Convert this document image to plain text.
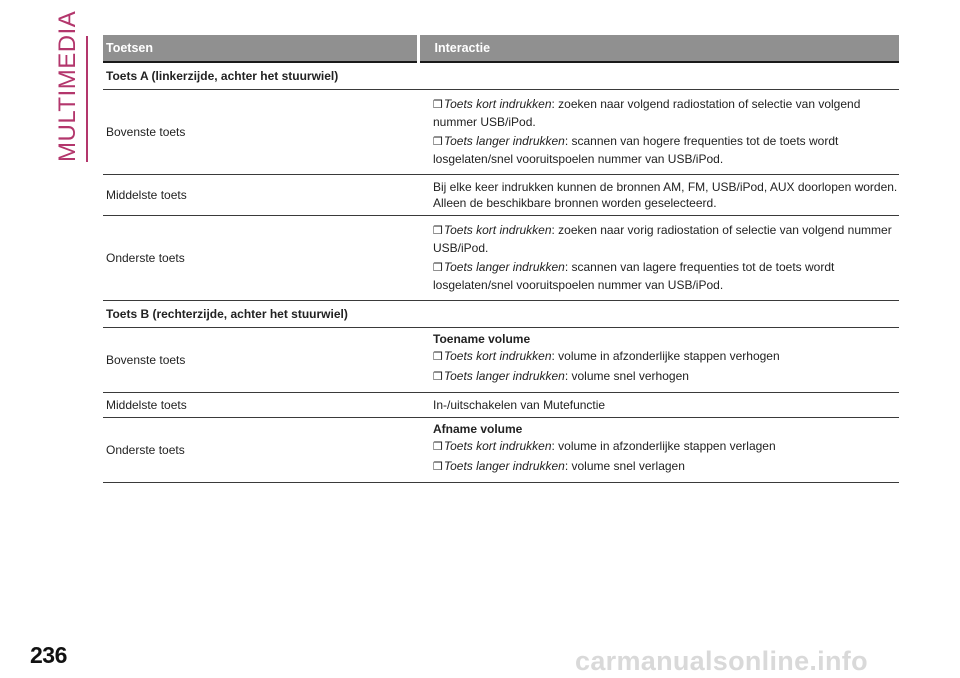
MULTIMEDIA Toetsen	Interactie
Toets A (linkerzijde, achter het stuurwiel)	
Bovenste toets	❒Toets kort indrukken: zoeken naar volgend radiostation of selectie van volgend nummer USB/iPod.
❒Toets langer indrukken: scannen van hogere frequenties tot de toets wordt losgelaten/snel vooruitspoelen nummer van USB/iPod.

Middelste toets	Bij elke keer indrukken kunnen de bronnen AM, FM, USB/iPod, AUX doorlopen worden. Alleen de beschikbare bronnen worden geselecteerd.
Onderste toets	❒Toets kort indrukken: zoeken naar vorig radiostation of selectie van volgend nummer USB/iPod.
❒Toets langer indrukken: scannen van lagere frequenties tot de toets wordt losgelaten/snel vooruitspoelen nummer van USB/iPod.

Toets B (rechterzijde, achter het stuurwiel)	
Bovenste toets	Toename volume
❒Toets kort indrukken: volume in afzonderlijke stappen verhogen
❒Toets langer indrukken: volume snel verhogen

Middelste toets	In-/uitschakelen van Mutefunctie
Onderste toets	Afname volume
❒Toets kort indrukken: volume in afzonderlijke stappen verlagen
❒Toets langer indrukken: volume snel verlagen
236	carmanualsonline.info
